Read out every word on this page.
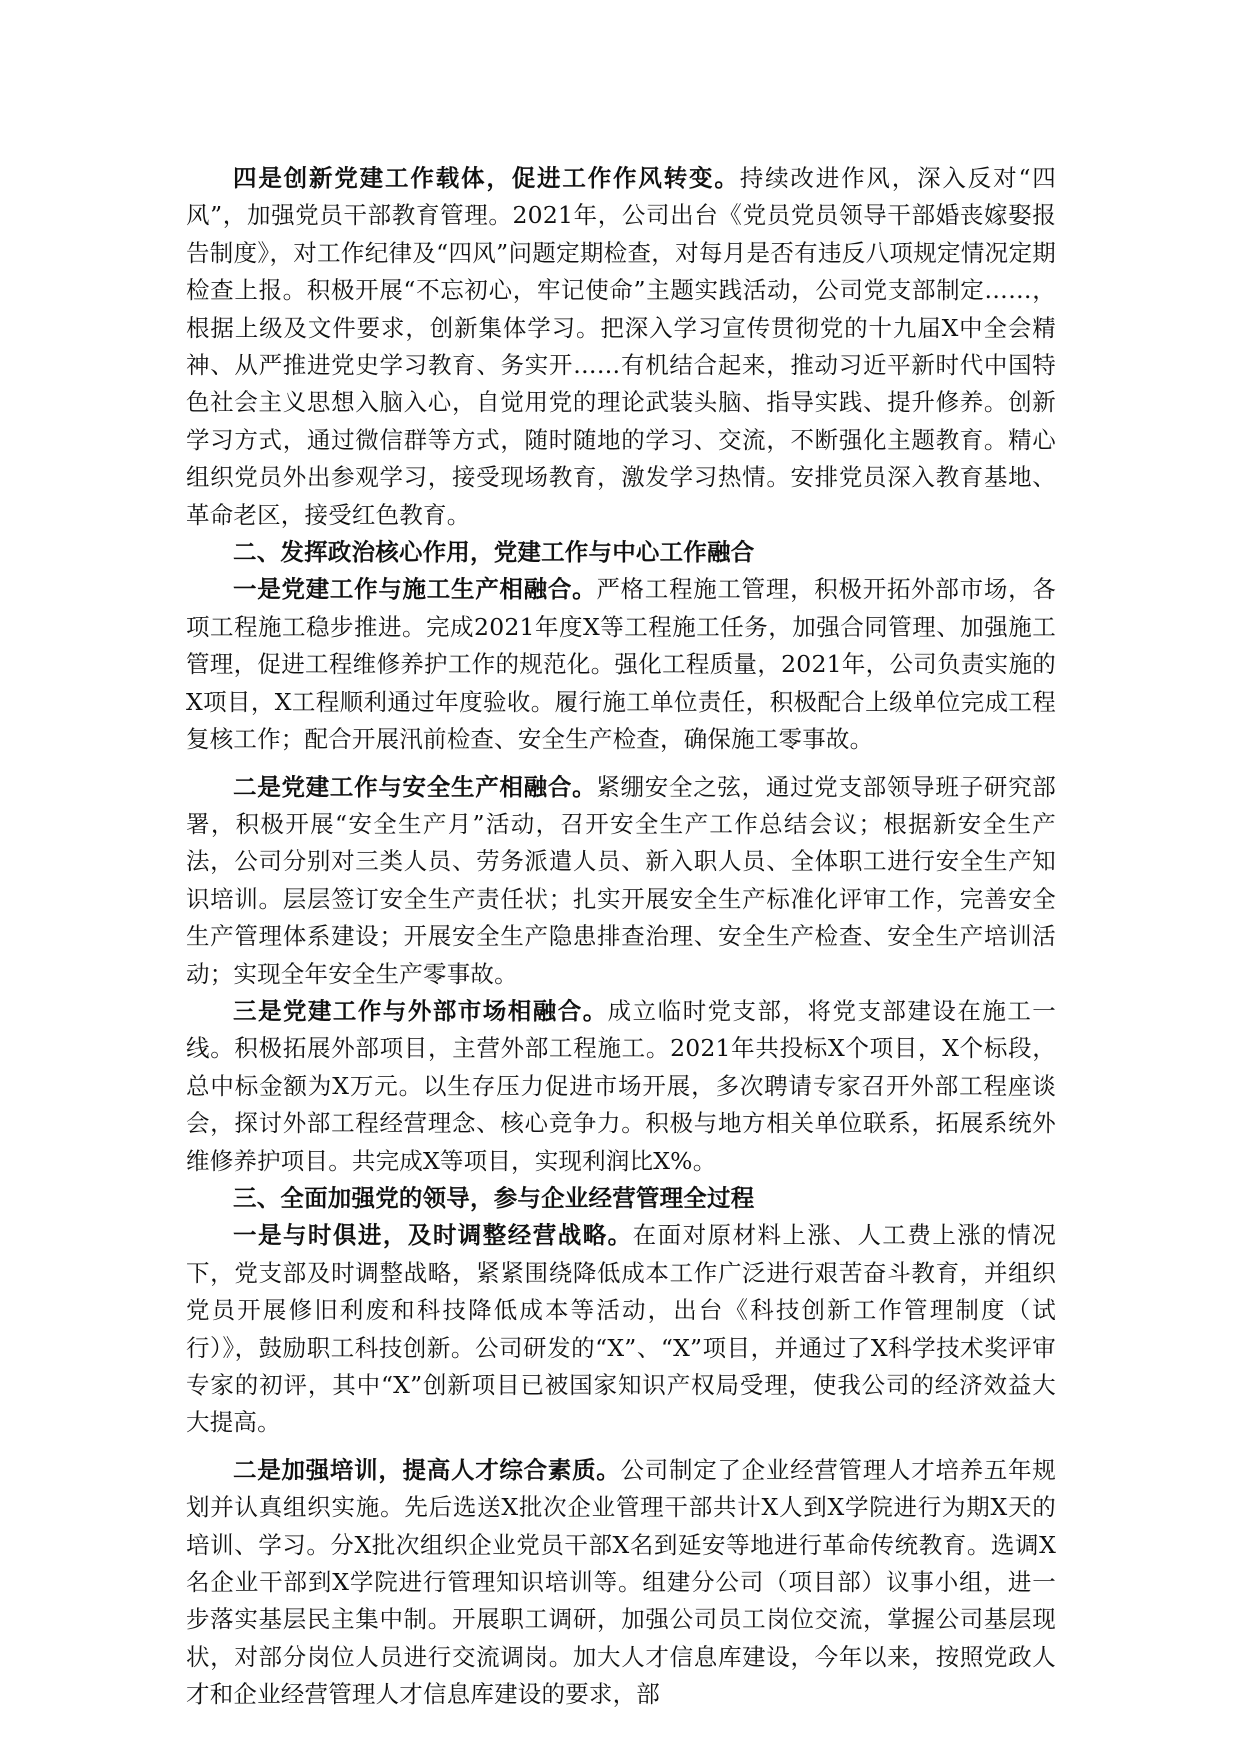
四是创新党建工作载体，促进工作作风转变。持续改进作风，深入反对“四风”，加强党员干部教育管理。2021年，公司出台《党员党员领导干部婚丧嫁娶报告制度》，对工作纪律及“四风”问题定期检查，对每月是否有违反八项规定情况定期检查上报。积极开展“不忘初心，牢记使命”主题实践活动，公司党支部制定……，根据上级及文件要求，创新集体学习。把深入学习宣传贯彻党的十九届X中全会精神、从严推进党史学习教育、务实开……有机结合起来，推动习近平新时代中国特色社会主义思想入脑入心，自觉用党的理论武装头脑、指导实践、提升修养。创新学习方式，通过微信群等方式，随时随地的学习、交流，不断强化主题教育。精心组织党员外出参观学习，接受现场教育，激发学习热情。安排党员深入教育基地、革命老区，接受红色教育。

二、发挥政治核心作用，党建工作与中心工作融合

一是党建工作与施工生产相融合。严格工程施工管理，积极开拓外部市场，各项工程施工稳步推进。完成2021年度X等工程施工任务，加强合同管理、加强施工管理，促进工程维修养护工作的规范化。强化工程质量，2021年，公司负责实施的X项目，X工程顺利通过年度验收。履行施工单位责任，积极配合上级单位完成工程复核工作；配合开展汛前检查、安全生产检查，确保施工零事故。

二是党建工作与安全生产相融合。紧绷安全之弦，通过党支部领导班子研究部署，积极开展“安全生产月”活动，召开安全生产工作总结会议；根据新安全生产法，公司分别对三类人员、劳务派遣人员、新入职人员、全体职工进行安全生产知识培训。层层签订安全生产责任状；扎实开展安全生产标准化评审工作，完善安全生产管理体系建设；开展安全生产隐患排查治理、安全生产检查、安全生产培训活动；实现全年安全生产零事故。

三是党建工作与外部市场相融合。成立临时党支部，将党支部建设在施工一线。积极拓展外部项目，主营外部工程施工。2021年共投标X个项目，X个标段，总中标金额为X万元。以生存压力促进市场开展，多次聘请专家召开外部工程座谈会，探讨外部工程经营理念、核心竞争力。积极与地方相关单位联系，拓展系统外维修养护项目。共完成X等项目，实现利润比X%。

三、全面加强党的领导，参与企业经营管理全过程

一是与时俱进，及时调整经营战略。在面对原材料上涨、人工费上涨的情况下，党支部及时调整战略，紧紧围绕降低成本工作广泛进行艰苦奋斗教育，并组织党员开展修旧利废和科技降低成本等活动，出台《科技创新工作管理制度（试行）》，鼓励职工科技创新。公司研发的“X”、“X”项目，并通过了X科学技术奖评审专家的初评，其中“X”创新项目已被国家知识产权局受理，使我公司的经济效益大大提高。

二是加强培训，提高人才综合素质。公司制定了企业经营管理人才培养五年规划并认真组织实施。先后选送X批次企业管理干部共计X人到X学院进行为期X天的培训、学习。分X批次组织企业党员干部X名到延安等地进行革命传统教育。选调X名企业干部到X学院进行管理知识培训等。组建分公司（项目部）议事小组，进一步落实基层民主集中制。开展职工调研，加强公司员工岗位交流，掌握公司基层现状，对部分岗位人员进行交流调岗。加大人才信息库建设，今年以来，按照党政人才和企业经营管理人才信息库建设的要求，部
